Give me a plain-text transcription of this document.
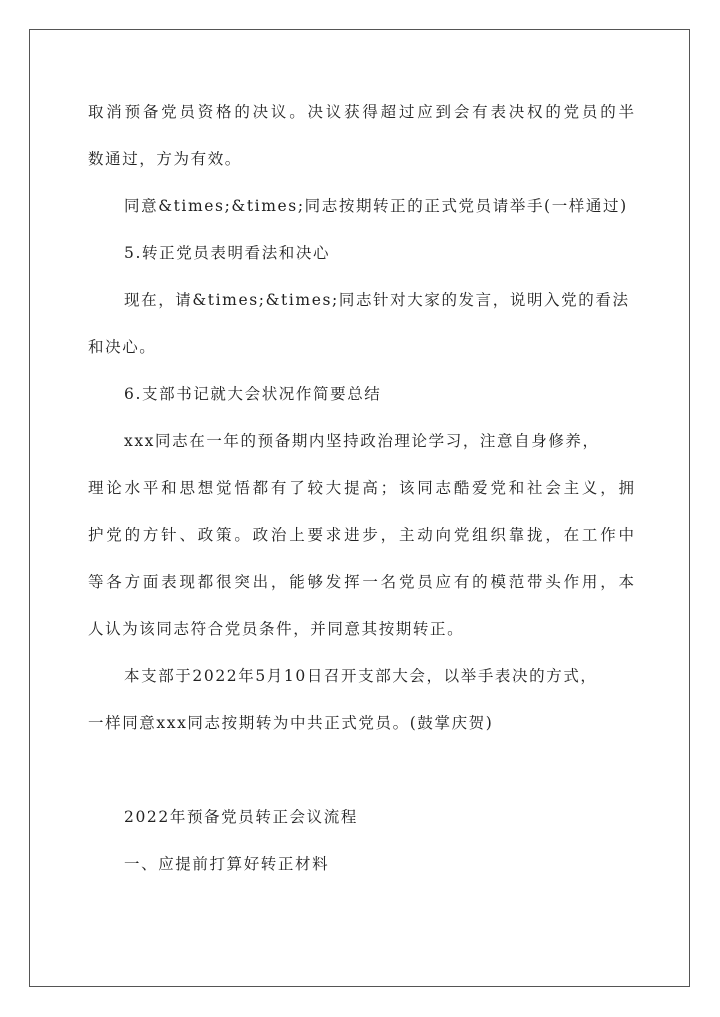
取消预备党员资格的决议。决议获得超过应到会有表决权的党员的半
数通过，方为有效。
同意&times;&times;同志按期转正的正式党员请举手(一样通过)
5.转正党员表明看法和决心
现在，请&times;&times;同志针对大家的发言，说明入党的看法
和决心。
6.支部书记就大会状况作简要总结
xxx同志在一年的预备期内坚持政治理论学习，注意自身修养，
理论水平和思想觉悟都有了较大提高；该同志酷爱党和社会主义，拥
护党的方针、政策。政治上要求进步，主动向党组织靠拢，在工作中
等各方面表现都很突出，能够发挥一名党员应有的模范带头作用，本
人认为该同志符合党员条件，并同意其按期转正。
本支部于2022年5月10日召开支部大会，以举手表决的方式，
一样同意xxx同志按期转为中共正式党员。(鼓掌庆贺)
2022年预备党员转正会议流程
一、应提前打算好转正材料
